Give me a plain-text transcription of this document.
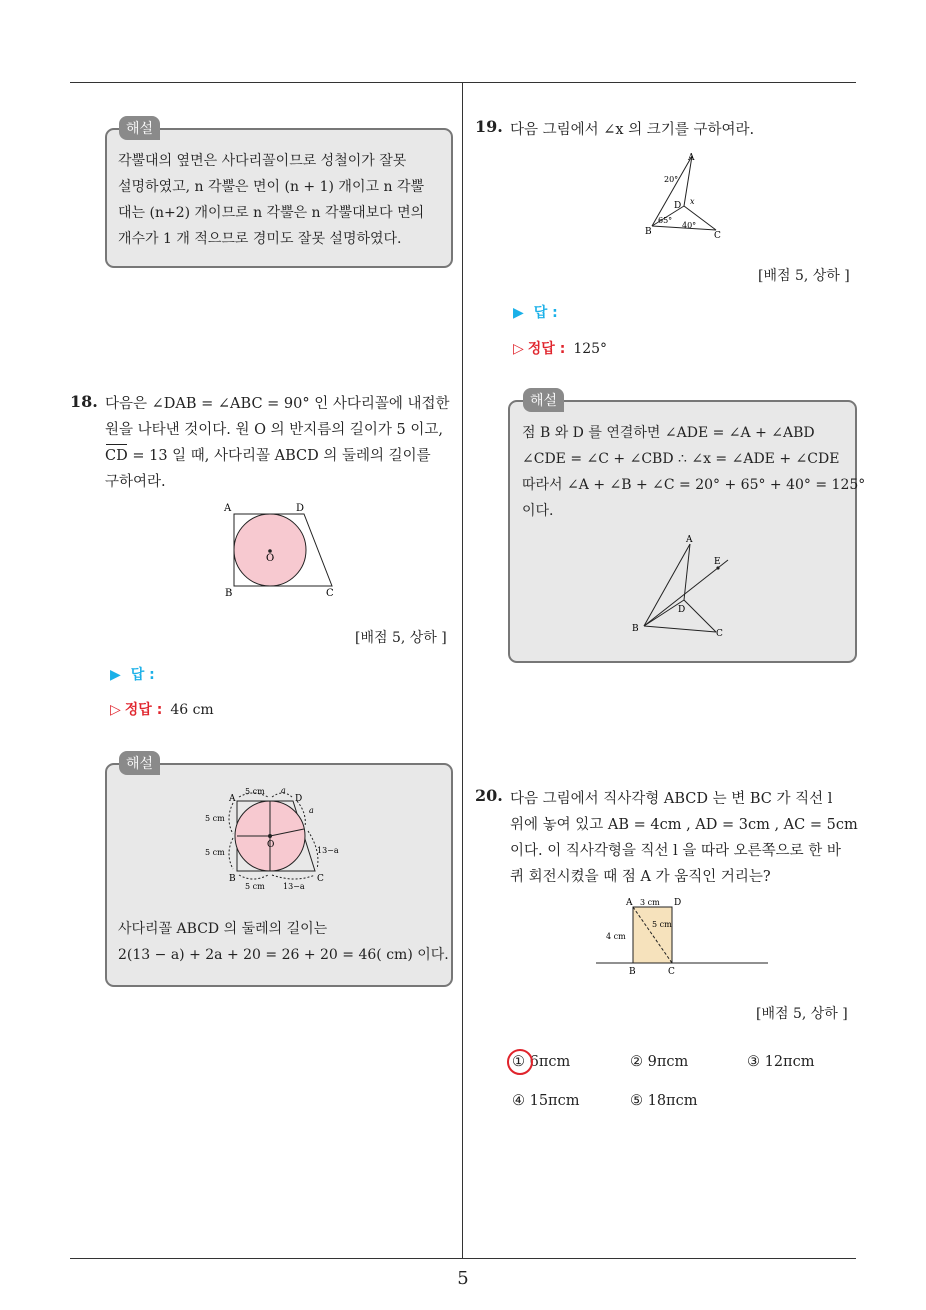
5
각뿔대의 옆면은 사다리꼴이므로 성철이가 잘못
설명하였고, n 각뿔은 면이 (n + 1) 개이고 n 각뿔
대는 (n+2) 개이므로 n 각뿔은 n 각뿔대보다 면의
개수가 1 개 적으므로 경미도 잘못 설명하였다.
해설
18. 다음은 ∠DAB = ∠ABC = 90° 인 사다리꼴에 내접한
원을 나타낸 것이다. 원 O 의 반지름의 길이가 5 이고,
CD = 13 일 때, 사다리꼴 ABCD 의 둘레의 길이를
구하여라.
A	D
B	C
O
[배점 5, 상하 ]
▶ 답 :
▷ 정답 : 46 cm
A	D
B	C
O
5 cm a
a
5 cm
5 cm
5 cm
13−a
13−a
사다리꼴 ABCD 의 둘레의 길이는
2(13 − a) + 2a + 20 = 26 + 20 = 46( cm) 이다.
해설
19. 다음 그림에서 ∠x 의 크기를 구하여라.
A
B	C
D
20°
65°
40°
x
[배점 5, 상하 ]
▶ 답 :
▷ 정답 : 125°
점 B 와 D 를 연결하면 ∠ADE = ∠A + ∠ABD
∠CDE = ∠C + ∠CBD ∴ ∠x = ∠ADE + ∠CDE
따라서 ∠A + ∠B + ∠C = 20° + 65° + 40° = 125°
이다.
A
B	C
D
E
해설
20. 다음 그림에서 직사각형 ABCD 는 변 BC 가 직선 l
위에 놓여 있고 AB = 4cm , AD = 3cm , AC = 5cm
이다. 이 직사각형을 직선 l 을 따라 오른쪽으로 한 바
퀴 회전시켰을 때 점 A 가 움직인 거리는?
A	D
B	C
3 cm
4 cm
5 cm
[배점 5, 상하 ]
① 6πcm	② 9πcm	③ 12πcm
④ 15πcm	⑤ 18πcm
